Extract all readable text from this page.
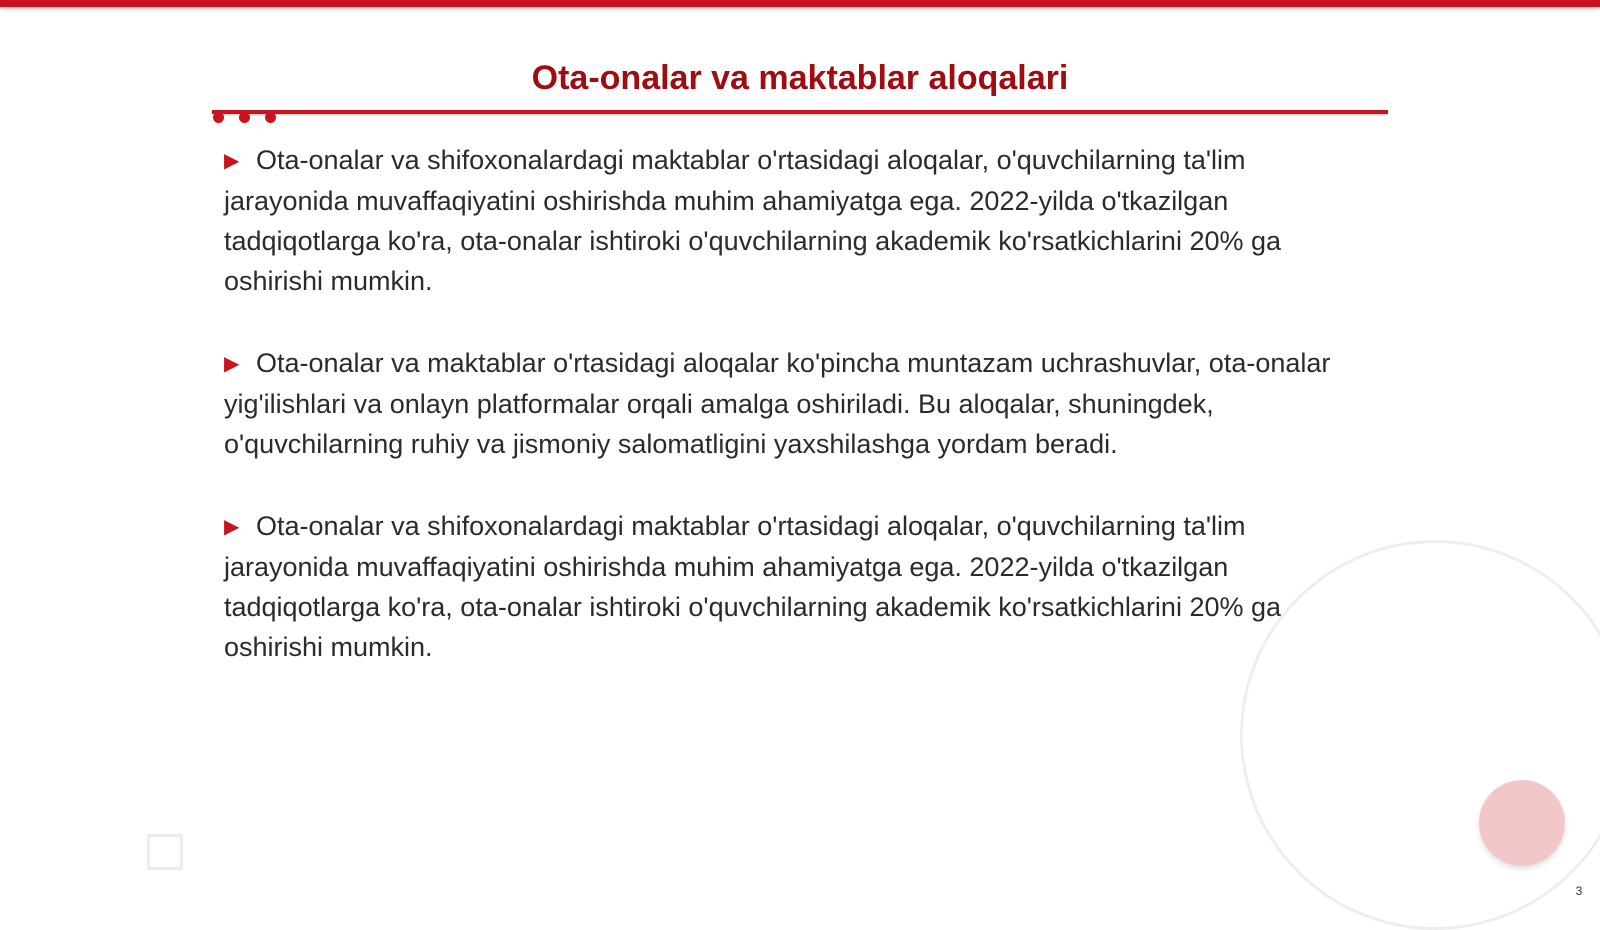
Ota-onalar va maktablar aloqalari

▶ Ota-onalar va shifoxonalardagi maktablar o'rtasidagi aloqalar, o'quvchilarning ta'lim jarayonida muvaffaqiyatini oshirishda muhim ahamiyatga ega. 2022-yilda o'tkazilgan tadqiqotlarga ko'ra, ota-onalar ishtiroki o'quvchilarning akademik ko'rsatkichlarini 20% ga oshirishi mumkin.

▶ Ota-onalar va maktablar o'rtasidagi aloqalar ko'pincha muntazam uchrashuvlar, ota-onalar yig'ilishlari va onlayn platformalar orqali amalga oshiriladi. Bu aloqalar, shuningdek, o'quvchilarning ruhiy va jismoniy salomatligini yaxshilashga yordam beradi.

▶ Ota-onalar va shifoxonalardagi maktablar o'rtasidagi aloqalar, o'quvchilarning ta'lim jarayonida muvaffaqiyatini oshirishda muhim ahamiyatga ega. 2022-yilda o'tkazilgan tadqiqotlarga ko'ra, ota-onalar ishtiroki o'quvchilarning akademik ko'rsatkichlarini 20% ga oshirishi mumkin.

3
